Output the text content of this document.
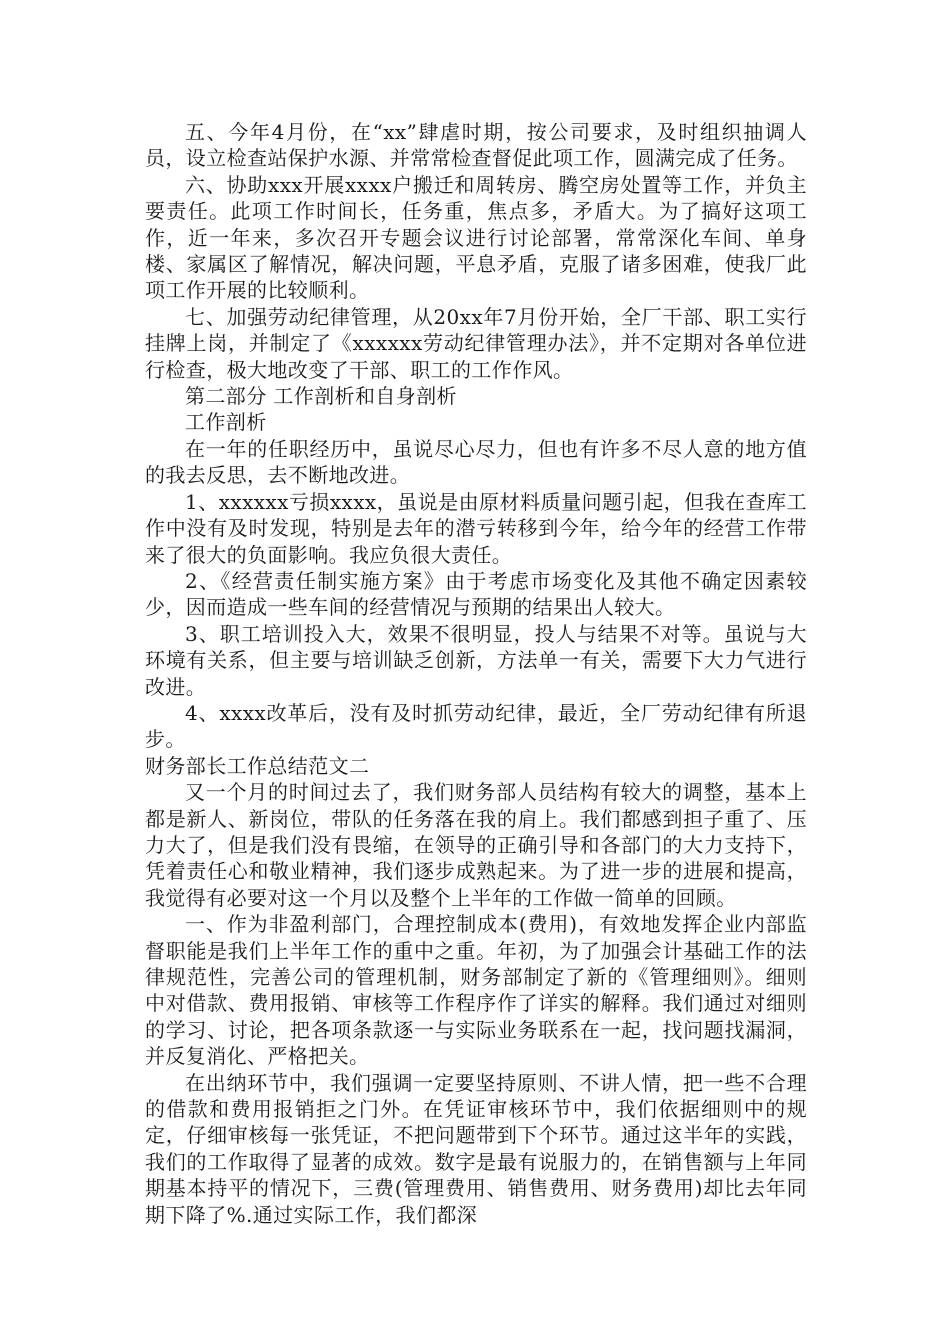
五、今年4月份，在“xx”肆虐时期，按公司要求，及时组织抽调人员，设立检查站保护水源、并常常检查督促此项工作，圆满完成了任务。

六、协助xxx开展xxxx户搬迁和周转房、腾空房处置等工作，并负主要责任。此项工作时间长，任务重，焦点多，矛盾大。为了搞好这项工作，近一年来，多次召开专题会议进行讨论部署，常常深化车间、单身楼、家属区了解情况，解决问题，平息矛盾，克服了诸多困难，使我厂此项工作开展的比较顺利。

七、加强劳动纪律管理，从20xx年7月份开始，全厂干部、职工实行挂牌上岗，并制定了《xxxxxx劳动纪律管理办法》，并不定期对各单位进行检查，极大地改变了干部、职工的工作作风。

第二部分 工作剖析和自身剖析

工作剖析

在一年的任职经历中，虽说尽心尽力，但也有许多不尽人意的地方值的我去反思，去不断地改进。

1、xxxxxx亏损xxxx，虽说是由原材料质量问题引起，但我在查库工作中没有及时发现，特别是去年的潜亏转移到今年，给今年的经营工作带来了很大的负面影响。我应负很大责任。

2、《经营责任制实施方案》由于考虑市场变化及其他不确定因素较少，因而造成一些车间的经营情况与预期的结果出人较大。

3、职工培训投入大，效果不很明显，投人与结果不对等。虽说与大环境有关系，但主要与培训缺乏创新，方法单一有关，需要下大力气进行改进。

4、xxxx改革后，没有及时抓劳动纪律，最近，全厂劳动纪律有所退步。

财务部长工作总结范文二

又一个月的时间过去了，我们财务部人员结构有较大的调整，基本上都是新人、新岗位，带队的任务落在我的肩上。我们都感到担子重了、压力大了，但是我们没有畏缩，在领导的正确引导和各部门的大力支持下，凭着责任心和敬业精神，我们逐步成熟起来。为了进一步的进展和提高，我觉得有必要对这一个月以及整个上半年的工作做一简单的回顾。

一、作为非盈利部门，合理控制成本(费用)，有效地发挥企业内部监督职能是我们上半年工作的重中之重。年初，为了加强会计基础工作的法律规范性，完善公司的管理机制，财务部制定了新的《管理细则》。细则中对借款、费用报销、审核等工作程序作了详实的解释。我们通过对细则的学习、讨论，把各项条款逐一与实际业务联系在一起，找问题找漏洞，并反复消化、严格把关。

在出纳环节中，我们强调一定要坚持原则、不讲人情，把一些不合理的借款和费用报销拒之门外。在凭证审核环节中，我们依据细则中的规定，仔细审核每一张凭证，不把问题带到下个环节。通过这半年的实践，我们的工作取得了显著的成效。数字是最有说服力的，在销售额与上年同期基本持平的情况下，三费(管理费用、销售费用、财务费用)却比去年同期下降了%.通过实际工作，我们都深
